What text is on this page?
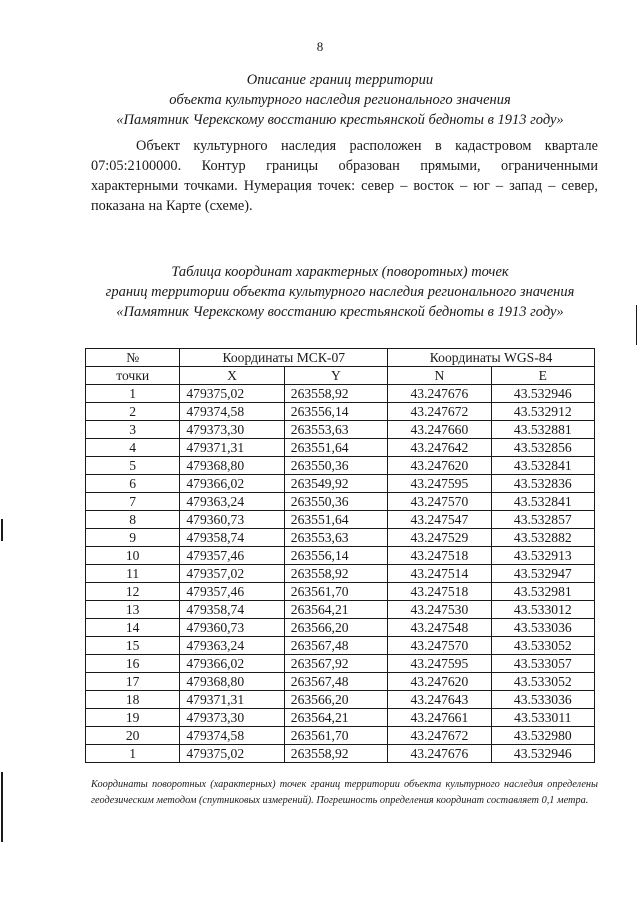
8
Описание границ территории
объекта культурного наследия регионального значения
«Памятник Черекскому восстанию крестьянской бедноты в 1913 году»
Объект культурного наследия расположен в кадастровом квартале 07:05:2100000. Контур границы образован прямыми, ограниченными характерными точками. Нумерация точек: север – восток – юг – запад – север, показана на Карте (схеме).
Таблица координат характерных (поворотных) точек
границ территории объекта культурного наследия регионального значения
«Памятник Черекскому восстанию крестьянской бедноты в 1913 году»
№	Координаты МСК-07		Координаты WGS-84	
точки	X	Y	N	E
1	479375,02	263558,92	43.247676	43.532946
2	479374,58	263556,14	43.247672	43.532912
3	479373,30	263553,63	43.247660	43.532881
4	479371,31	263551,64	43.247642	43.532856
5	479368,80	263550,36	43.247620	43.532841
6	479366,02	263549,92	43.247595	43.532836
7	479363,24	263550,36	43.247570	43.532841
8	479360,73	263551,64	43.247547	43.532857
9	479358,74	263553,63	43.247529	43.532882
10	479357,46	263556,14	43.247518	43.532913
11	479357,02	263558,92	43.247514	43.532947
12	479357,46	263561,70	43.247518	43.532981
13	479358,74	263564,21	43.247530	43.533012
14	479360,73	263566,20	43.247548	43.533036
15	479363,24	263567,48	43.247570	43.533052
16	479366,02	263567,92	43.247595	43.533057
17	479368,80	263567,48	43.247620	43.533052
18	479371,31	263566,20	43.247643	43.533036
19	479373,30	263564,21	43.247661	43.533011
20	479374,58	263561,70	43.247672	43.532980
1	479375,02	263558,92	43.247676	43.532946
Координаты поворотных (характерных) точек границ территории объекта культурного наследия определены геодезическим методом (спутниковых измерений). Погрешность определения координат составляет 0,1 метра.
